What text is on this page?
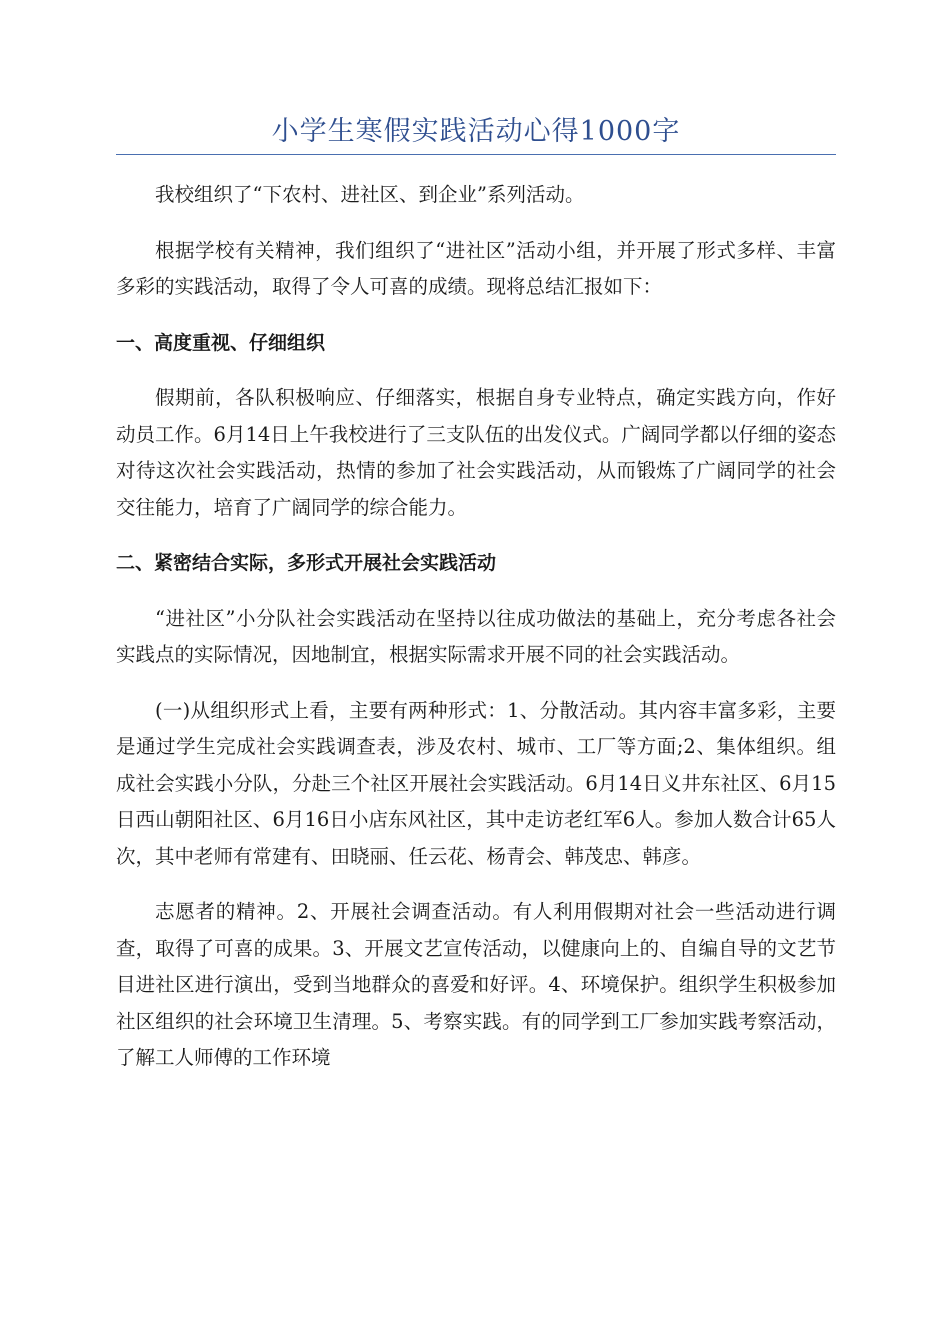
小学生寒假实践活动心得1000字

我校组织了“下农村、进社区、到企业”系列活动。

根据学校有关精神，我们组织了“进社区”活动小组，并开展了形式多样、丰富多彩的实践活动，取得了令人可喜的成绩。现将总结汇报如下：

一、高度重视、仔细组织

假期前，各队积极响应、仔细落实，根据自身专业特点，确定实践方向，作好动员工作。6月14日上午我校进行了三支队伍的出发仪式。广阔同学都以仔细的姿态对待这次社会实践活动，热情的参加了社会实践活动，从而锻炼了广阔同学的社会交往能力，培育了广阔同学的综合能力。

二、紧密结合实际，多形式开展社会实践活动

“进社区”小分队社会实践活动在坚持以往成功做法的基础上，充分考虑各社会实践点的实际情况，因地制宜，根据实际需求开展不同的社会实践活动。

(一)从组织形式上看，主要有两种形式：1、分散活动。其内容丰富多彩，主要是通过学生完成社会实践调查表，涉及农村、城市、工厂等方面;2、集体组织。组成社会实践小分队，分赴三个社区开展社会实践活动。6月14日义井东社区、6月15日西山朝阳社区、6月16日小店东风社区，其中走访老红军6人。参加人数合计65人次，其中老师有常建有、田晓丽、任云花、杨青会、韩茂忠、韩彦。

志愿者的精神。2、开展社会调查活动。有人利用假期对社会一些活动进行调查，取得了可喜的成果。3、开展文艺宣传活动，以健康向上的、自编自导的文艺节目进社区进行演出，受到当地群众的喜爱和好评。4、环境保护。组织学生积极参加社区组织的社会环境卫生清理。5、考察实践。有的同学到工厂参加实践考察活动，了解工人师傅的工作环境
